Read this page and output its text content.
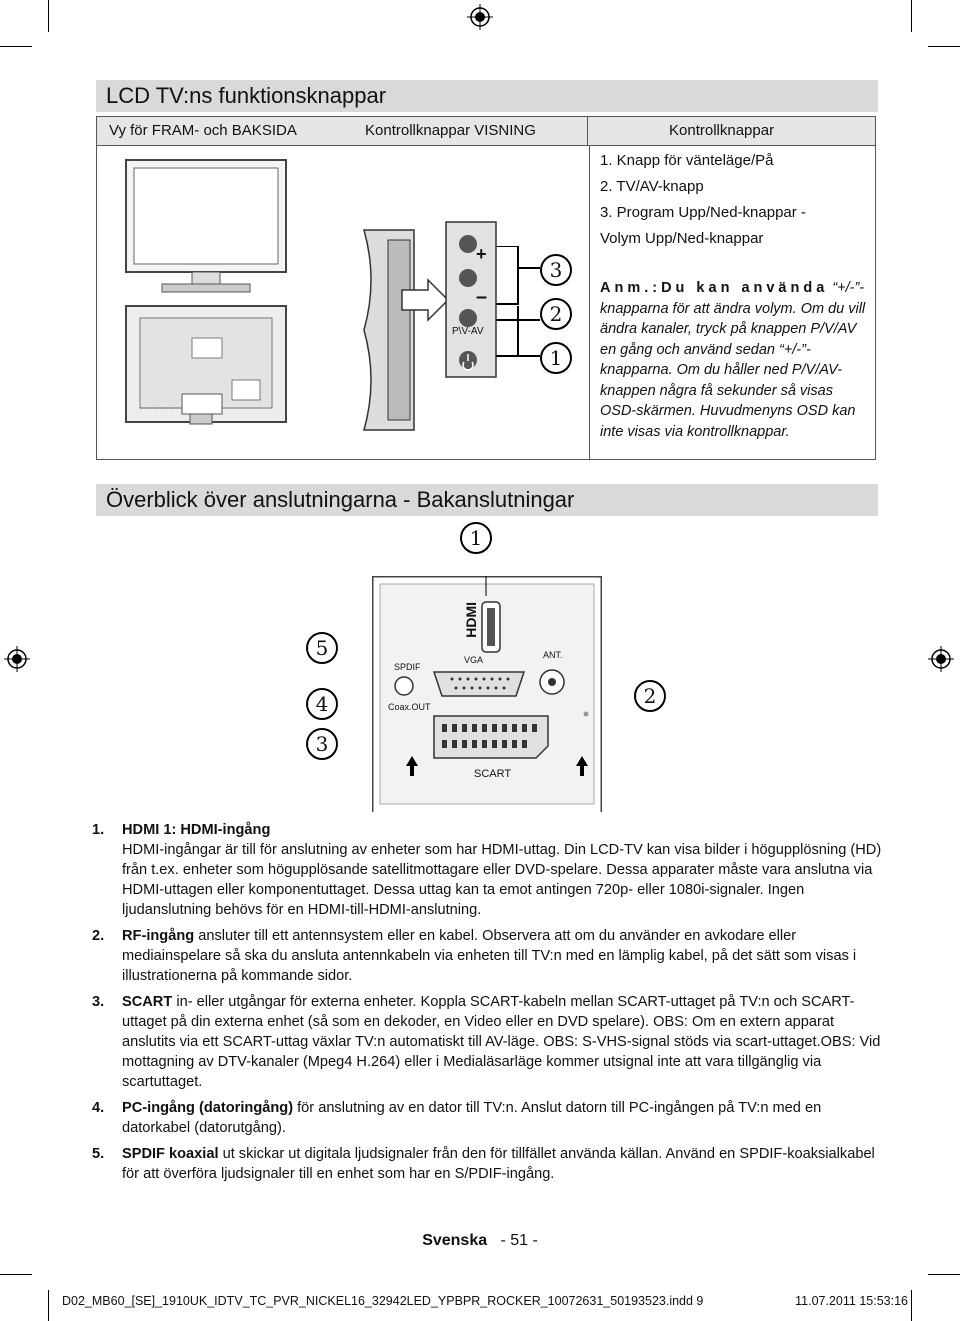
LCD TV:ns funktionsknappar
Vy för FRAM- och BAKSIDA	Kontrollknappar VISNING	Kontrollknappar
+
–
P\V-AV
3
2
1
1. Knapp för vänteläge/På
2. TV/AV-knapp
3. Program Upp/Ned-knappar -
Volym Upp/Ned-knappar
Anm.:Du kan använda “+/-”-knapparna för att ändra volym. Om du vill ändra kanaler, tryck på knappen P/V/AV en gång och använd sedan “+/-”-knapparna. Om du håller ned P/V/AV-knappen några få sekunder så visas OSD-skärmen. Huvudmenyns OSD kan inte visas via kontrollknappar.
Överblick över anslutningarna - Bakanslutningar
HDMI
SPDIF
VGA	ANT.
Coax.OUT
SCART
1
2
3
4
5
1. HDMI 1: HDMI-ingång
HDMI-ingångar är till för anslutning av enheter som har HDMI-uttag. Din LCD-TV kan visa bilder i högupplösning (HD) från t.ex. enheter som högupplösande satellitmottagare eller DVD-spelare. Dessa apparater måste vara anslutna via HDMI-uttagen eller komponentuttaget. Dessa uttag kan ta emot antingen 720p- eller 1080i-signaler. Ingen ljudanslutning behövs för en HDMI-till-HDMI-anslutning.
2. RF-ingång ansluter till ett antennsystem eller en kabel. Observera att om du använder en avkodare eller mediainspelare så ska du ansluta antennkabeln via enheten till TV:n med en lämplig kabel, på det sätt som visas i illustrationerna på kommande sidor.
3. SCART in- eller utgångar för externa enheter. Koppla SCART-kabeln mellan SCART-uttaget på TV:n och SCART-uttaget på din externa enhet (så som en dekoder, en Video eller en DVD spelare). OBS: Om en extern apparat anslutits via ett SCART-uttag växlar TV:n automatiskt till AV-läge. OBS: S-VHS-signal stöds via scart-uttaget.OBS: Vid mottagning av DTV-kanaler (Mpeg4 H.264) eller i Medialäsarläge kommer utsignal inte att vara tillgänglig via scartuttaget.
4. PC-ingång (datoringång) för anslutning av en dator till TV:n. Anslut datorn till PC-ingången på TV:n med en datorkabel (datorutgång).
5. SPDIF koaxial ut skickar ut digitala ljudsignaler från den för tillfället använda källan. Använd en SPDIF-koaksialkabel för att överföra ljudsignaler till en enhet som har en S/PDIF-ingång.
Svenska - 51 -
D02_MB60_[SE]_1910UK_IDTV_TC_PVR_NICKEL16_32942LED_YPBPR_ROCKER_10072631_50193523.indd 9	11.07.2011 15:53:16
